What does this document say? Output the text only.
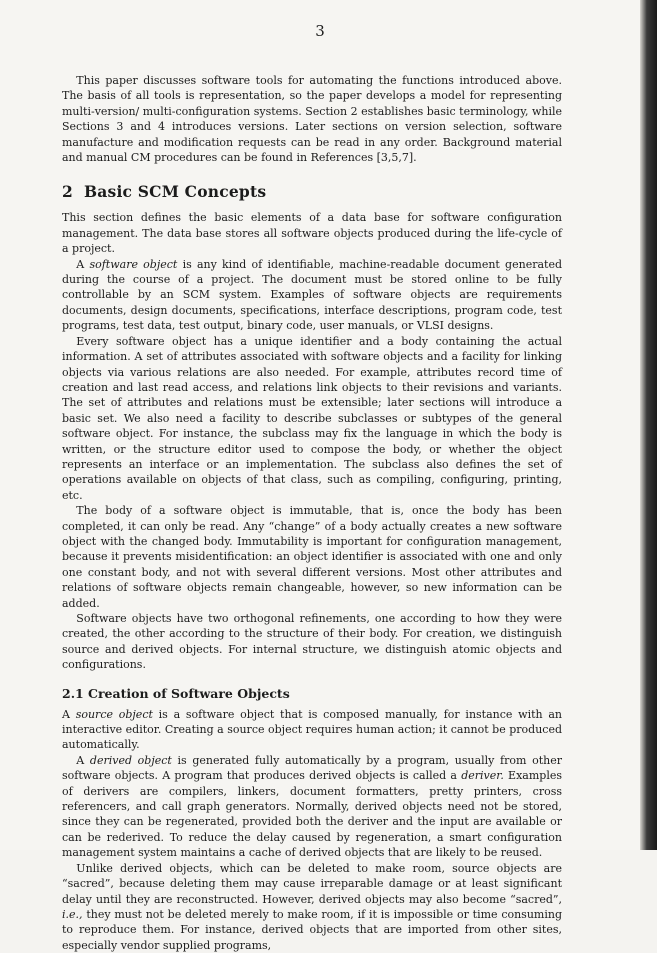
3

This paper discusses software tools for automating the functions introduced above. The basis of all tools is representation, so the paper develops a model for representing multi-version/ multi-configuration systems. Section 2 establishes basic terminology, while Sections 3 and 4 introduces versions. Later sections on version selection, software manufacture and modification requests can be read in any order. Background material and manual CM procedures can be found in References [3,5,7].

2 Basic SCM Concepts

This section defines the basic elements of a data base for software configuration management. The data base stores all software objects produced during the life-cycle of a project.

A software object is any kind of identifiable, machine-readable document generated during the course of a project. The document must be stored online to be fully controllable by an SCM system. Examples of software objects are requirements documents, design documents, specifications, interface descriptions, program code, test programs, test data, test output, binary code, user manuals, or VLSI designs.

Every software object has a unique identifier and a body containing the actual information. A set of attributes associated with software objects and a facility for linking objects via various relations are also needed. For example, attributes record time of creation and last read access, and relations link objects to their revisions and variants. The set of attributes and relations must be extensible; later sections will introduce a basic set. We also need a facility to describe subclasses or subtypes of the general software object. For instance, the subclass may fix the language in which the body is written, or the structure editor used to compose the body, or whether the object represents an interface or an implementation. The subclass also defines the set of operations available on objects of that class, such as compiling, configuring, printing, etc.

The body of a software object is immutable, that is, once the body has been completed, it can only be read. Any “change” of a body actually creates a new software object with the changed body. Immutability is important for configuration management, because it prevents misidentification: an object identifier is associated with one and only one constant body, and not with several different versions. Most other attributes and relations of software objects remain changeable, however, so new information can be added.

Software objects have two orthogonal refinements, one according to how they were created, the other according to the structure of their body. For creation, we distinguish source and derived objects. For internal structure, we distinguish atomic objects and configurations.

2.1 Creation of Software Objects

A source object is a software object that is composed manually, for instance with an interactive editor. Creating a source object requires human action; it cannot be produced automatically.

A derived object is generated fully automatically by a program, usually from other software objects. A program that produces derived objects is called a deriver. Examples of derivers are compilers, linkers, document formatters, pretty printers, cross referencers, and call graph generators. Normally, derived objects need not be stored, since they can be regenerated, provided both the deriver and the input are available or can be rederived. To reduce the delay caused by regeneration, a smart configuration management system maintains a cache of derived objects that are likely to be reused.

Unlike derived objects, which can be deleted to make room, source objects are “sacred”, because deleting them may cause irreparable damage or at least significant delay until they are reconstructed. However, derived objects may also become “sacred”, i.e., they must not be deleted merely to make room, if it is impossible or time consuming to reproduce them. For instance, derived objects that are imported from other sites, especially vendor supplied programs,
